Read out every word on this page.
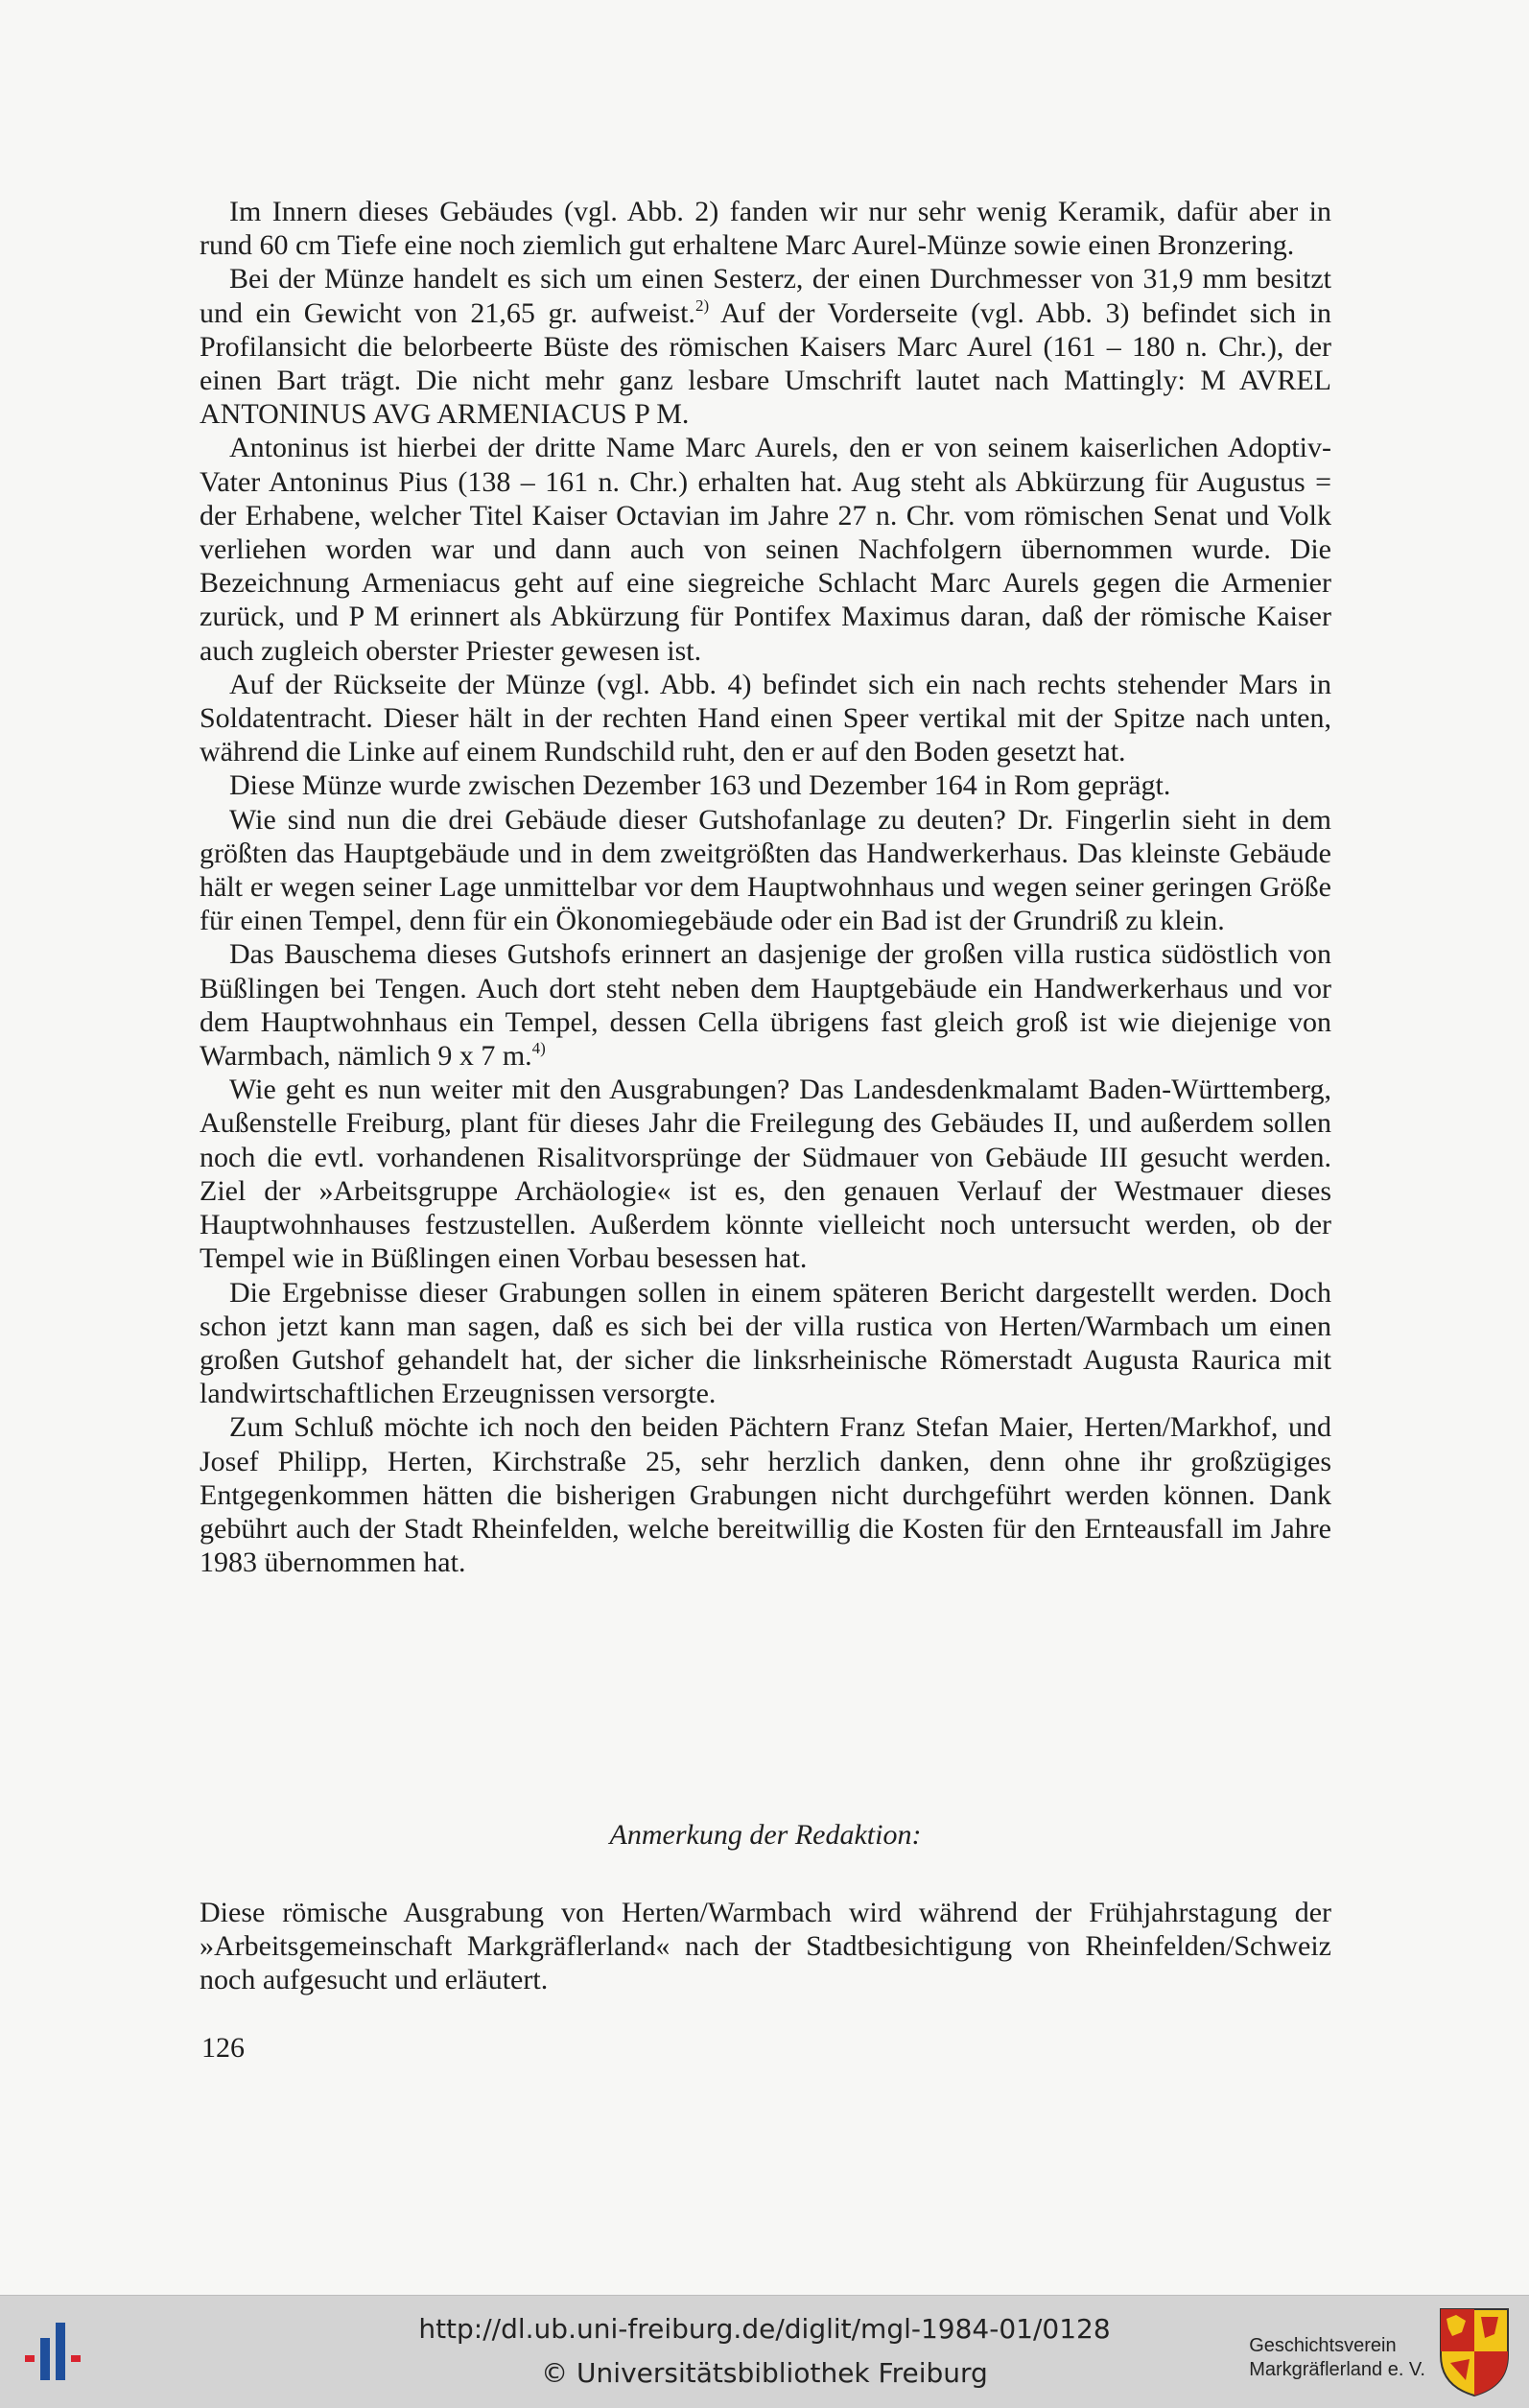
Im Innern dieses Gebäudes (vgl. Abb. 2) fanden wir nur sehr wenig Keramik, dafür aber in rund 60 cm Tiefe eine noch ziemlich gut erhaltene Marc Aurel-Münze sowie einen Bronzering.

Bei der Münze handelt es sich um einen Sesterz, der einen Durchmesser von 31,9 mm besitzt und ein Gewicht von 21,65 gr. aufweist.$^{2)}$ Auf der Vorderseite (vgl. Abb. 3) befindet sich in Profilansicht die belorbeerte Büste des römischen Kaisers Marc Aurel (161 – 180 n. Chr.), der einen Bart trägt. Die nicht mehr ganz lesbare Umschrift lautet nach Mattingly: M AVREL ANTONINUS AVG ARMENIACUS P M.

Antoninus ist hierbei der dritte Name Marc Aurels, den er von seinem kaiserlichen Adoptiv-Vater Antoninus Pius (138 – 161 n. Chr.) erhalten hat. Aug steht als Abkürzung für Augustus = der Erhabene, welcher Titel Kaiser Octavian im Jahre 27 n. Chr. vom römischen Senat und Volk verliehen worden war und dann auch von seinen Nachfolgern übernommen wurde. Die Bezeichnung Armeniacus geht auf eine siegreiche Schlacht Marc Aurels gegen die Armenier zurück, und P M erinnert als Abkürzung für Pontifex Maximus daran, daß der römische Kaiser auch zugleich oberster Priester gewesen ist.

Auf der Rückseite der Münze (vgl. Abb. 4) befindet sich ein nach rechts stehender Mars in Soldatentracht. Dieser hält in der rechten Hand einen Speer vertikal mit der Spitze nach unten, während die Linke auf einem Rundschild ruht, den er auf den Boden gesetzt hat.

Diese Münze wurde zwischen Dezember 163 und Dezember 164 in Rom geprägt.

Wie sind nun die drei Gebäude dieser Gutshofanlage zu deuten? Dr. Fingerlin sieht in dem größten das Hauptgebäude und in dem zweitgrößten das Handwerkerhaus. Das kleinste Gebäude hält er wegen seiner Lage unmittelbar vor dem Hauptwohnhaus und wegen seiner geringen Größe für einen Tempel, denn für ein Ökonomiegebäude oder ein Bad ist der Grundriß zu klein.

Das Bauschema dieses Gutshofs erinnert an dasjenige der großen villa rustica südöstlich von Büßlingen bei Tengen. Auch dort steht neben dem Hauptgebäude ein Handwerkerhaus und vor dem Hauptwohnhaus ein Tempel, dessen Cella übrigens fast gleich groß ist wie diejenige von Warmbach, nämlich 9 x 7 m.$^{4)}$

Wie geht es nun weiter mit den Ausgrabungen? Das Landesdenkmalamt Baden-Württemberg, Außenstelle Freiburg, plant für dieses Jahr die Freilegung des Gebäudes II, und außerdem sollen noch die evtl. vorhandenen Risalitvorsprünge der Südmauer von Gebäude III gesucht werden. Ziel der »Arbeitsgruppe Archäologie« ist es, den genauen Verlauf der Westmauer dieses Hauptwohnhauses festzustellen. Außerdem könnte vielleicht noch untersucht werden, ob der Tempel wie in Büßlingen einen Vorbau besessen hat.

Die Ergebnisse dieser Grabungen sollen in einem späteren Bericht dargestellt werden. Doch schon jetzt kann man sagen, daß es sich bei der villa rustica von Herten/Warmbach um einen großen Gutshof gehandelt hat, der sicher die linksrheinische Römerstadt Augusta Raurica mit landwirtschaftlichen Erzeugnissen versorgte.

Zum Schluß möchte ich noch den beiden Pächtern Franz Stefan Maier, Herten/Markhof, und Josef Philipp, Herten, Kirchstraße 25, sehr herzlich danken, denn ohne ihr großzügiges Entgegenkommen hätten die bisherigen Grabungen nicht durchgeführt werden können. Dank gebührt auch der Stadt Rheinfelden, welche bereitwillig die Kosten für den Ernteausfall im Jahre 1983 übernommen hat.

Anmerkung der Redaktion:

Diese römische Ausgrabung von Herten/Warmbach wird während der Frühjahrstagung der »Arbeitsgemeinschaft Markgräflerland« nach der Stadtbesichtigung von Rheinfelden/Schweiz noch aufgesucht und erläutert.

126
http://dl.ub.uni-freiburg.de/diglit/mgl-1984-01/0128
© Universitätsbibliothek Freiburg
Geschichtsverein
Markgräflerland e. V.
